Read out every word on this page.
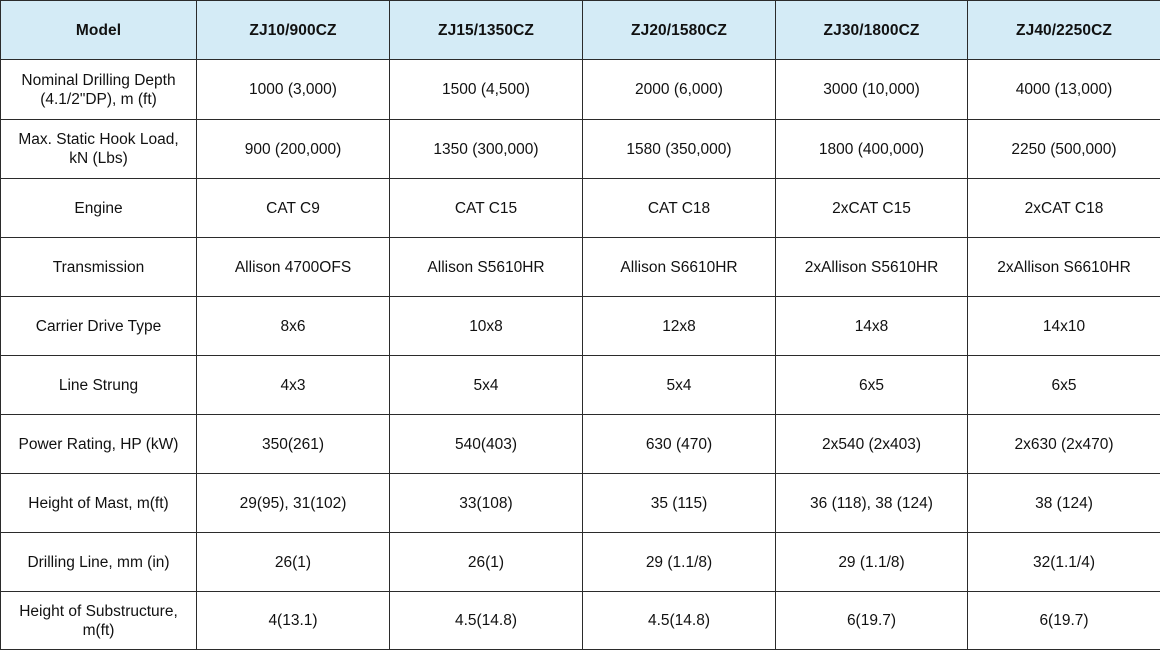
Model	ZJ10/900CZ	ZJ15/1350CZ	ZJ20/1580CZ	ZJ30/1800CZ	ZJ40/2250CZ
Nominal Drilling Depth
(4.1/2"DP), m (ft)	1000 (3,000)	1500 (4,500)	2000 (6,000)	3000 (10,000)	4000 (13,000)
Max. Static Hook Load,
kN (Lbs)	900 (200,000)	1350 (300,000)	1580 (350,000)	1800 (400,000)	2250 (500,000)
Engine	CAT C9	CAT C15	CAT C18	2xCAT C15	2xCAT C18
Transmission	Allison 4700OFS	Allison S5610HR	Allison S6610HR	2xAllison S5610HR	2xAllison S6610HR
Carrier Drive Type	8x6	10x8	12x8	14x8	14x10
Line Strung	4x3	5x4	5x4	6x5	6x5
Power Rating, HP (kW)	350(261)	540(403)	630 (470)	2x540 (2x403)	2x630 (2x470)
Height of Mast, m(ft)	29(95), 31(102)	33(108)	35 (115)	36 (118), 38 (124)	38 (124)
Drilling Line, mm (in)	26(1)	26(1)	29 (1.1/8)	29 (1.1/8)	32(1.1/4)
Height of Substructure,
m(ft)	4(13.1)	4.5(14.8)	4.5(14.8)	6(19.7)	6(19.7)
